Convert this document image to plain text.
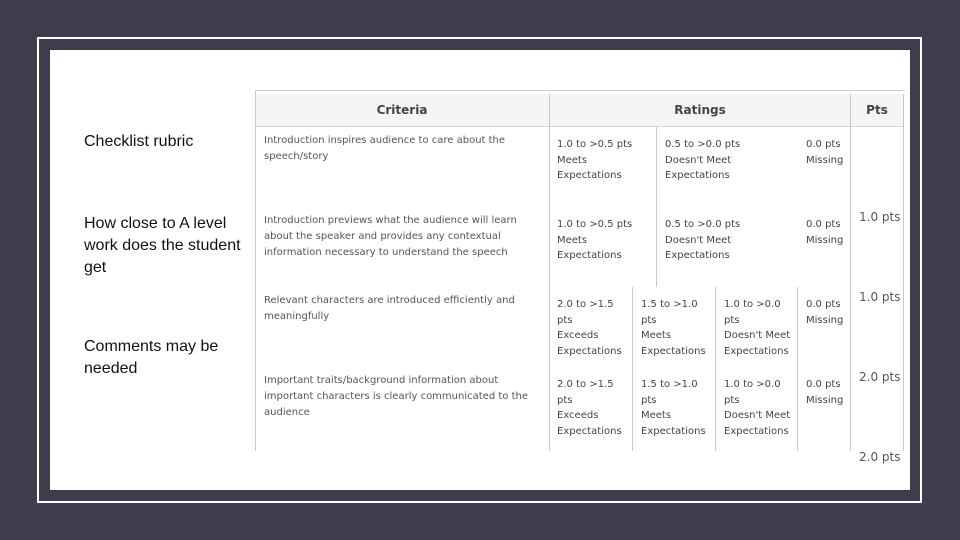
Checklist rubric
How close to A level work does the student get
Comments may be needed
Criteria	Ratings	Pts
Introduction inspires audience to care about the speech/story
1.0 to >0.5 pts
Meets Expectations
0.5 to >0.0 pts
Doesn't Meet Expectations
0.0 pts
Missing
1.0 pts
Introduction previews what the audience will learn about the speaker and provides any contextual information necessary to understand the speech
1.0 to >0.5 pts
Meets Expectations
0.5 to >0.0 pts
Doesn't Meet Expectations
0.0 pts
Missing
1.0 pts
Relevant characters are introduced efficiently and meaningfully
2.0 to >1.5 pts
Exceeds Expectations
1.5 to >1.0 pts
Meets Expectations
1.0 to >0.0 pts
Doesn't Meet Expectations
0.0 pts
Missing
2.0 pts
Important traits/background information about important characters is clearly communicated to the audience
2.0 to >1.5 pts
Exceeds Expectations
1.5 to >1.0 pts
Meets Expectations
1.0 to >0.0 pts
Doesn't Meet Expectations
0.0 pts
Missing
2.0 pts
